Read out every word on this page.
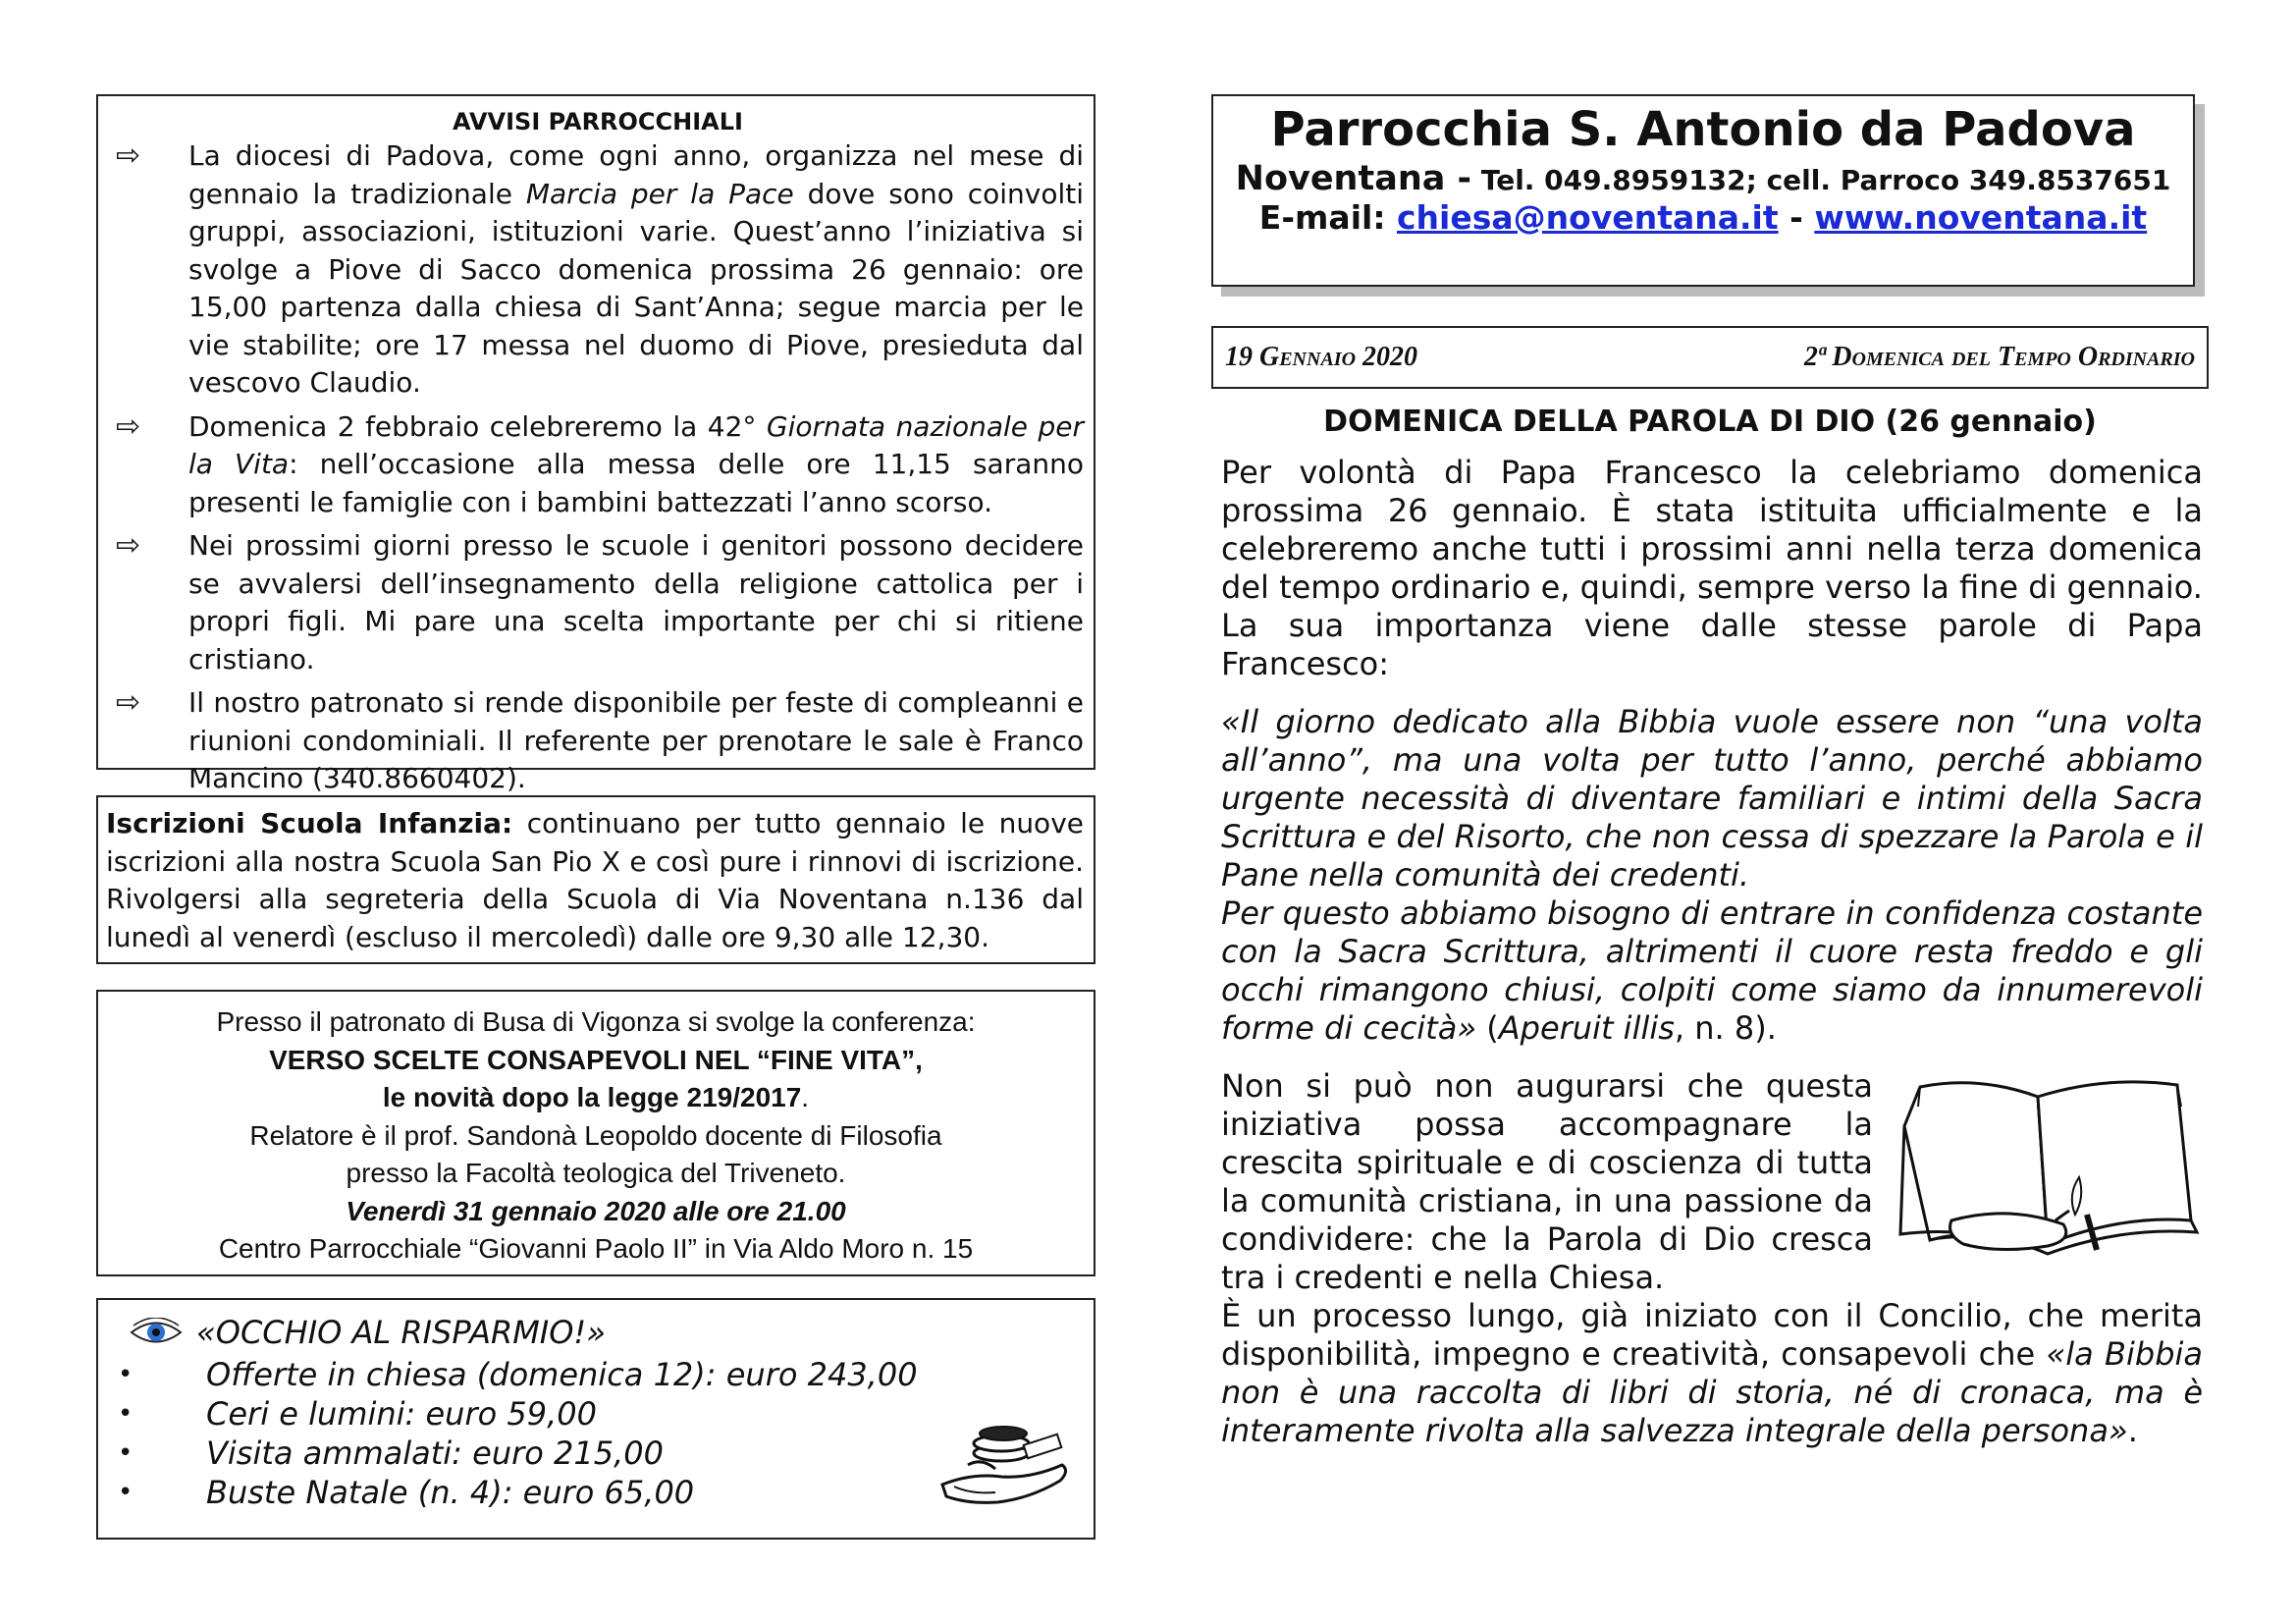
AVVISI PARROCCHIALI
⇨	La diocesi di Padova, come ogni anno, organizza nel mese di gennaio la tradizionale Marcia per la Pace dove sono coinvolti gruppi, associazioni, istituzioni varie. Quest’anno l’iniziativa si svolge a Piove di Sacco domenica prossima 26 gennaio: ore 15,00 partenza dalla chiesa di Sant’Anna; segue marcia per le vie stabilite; ore 17 messa nel duomo di Piove, presieduta dal vescovo Claudio.
⇨	Domenica 2 febbraio celebreremo la 42° Giornata nazionale per la Vita: nell’occasione alla messa delle ore 11,15 saranno presenti le famiglie con i bambini battezzati l’anno scorso.
⇨	Nei prossimi giorni presso le scuole i genitori possono decidere se avvalersi dell’insegnamento della religione cattolica per i propri figli. Mi pare una scelta importante per chi si ritiene cristiano.
⇨	Il nostro patronato si rende disponibile per feste di compleanni e riunioni condominiali. Il referente per prenotare le sale è Franco Mancino (340.8660402).
Iscrizioni Scuola Infanzia: continuano per tutto gennaio le nuove iscrizioni alla nostra Scuola San Pio X e così pure i rinnovi di iscrizione. Rivolgersi alla segreteria della Scuola di Via Noventana n.136 dal lunedì al venerdì (escluso il mercoledì) dalle ore 9,30 alle 12,30.
Presso il patronato di Busa di Vigonza si svolge la conferenza:
VERSO SCELTE CONSAPEVOLI NEL “FINE VITA”,
le novità dopo la legge 219/2017.
Relatore è il prof. Sandonà Leopoldo docente di Filosofia
presso la Facoltà teologica del Triveneto.
Venerdì 31 gennaio 2020 alle ore 21.00
Centro Parrocchiale “Giovanni Paolo II” in Via Aldo Moro n. 15
«OCCHIO AL RISPARMIO!»
•	Offerte in chiesa (domenica 12): euro 243,00
•	Ceri e lumini: euro 59,00
•	Visita ammalati: euro 215,00
•	Buste Natale (n. 4): euro 65,00
Parrocchia S. Antonio da Padova
Noventana - Tel. 049.8959132; cell. Parroco 349.8537651
E-mail: chiesa@noventana.it - www.noventana.it
19 Gennaio 2020	2ª Domenica del Tempo Ordinario
DOMENICA DELLA PAROLA DI DIO (26 gennaio)

Per volontà di Papa Francesco la celebriamo domenica prossima 26 gennaio. È stata istituita ufficialmente e la celebreremo anche tutti i prossimi anni nella terza domenica del tempo ordinario e, quindi, sempre verso la fine di gennaio.

La sua importanza viene dalle stesse parole di Papa Francesco:

«Il giorno dedicato alla Bibbia vuole essere non “una volta all’anno”, ma una volta per tutto l’anno, perché abbiamo urgente necessità di diventare familiari e intimi della Sacra Scrittura e del Risorto, che non cessa di spezzare la Parola e il Pane nella comunità dei credenti.

Per questo abbiamo bisogno di entrare in confidenza costante con la Sacra Scrittura, altrimenti il cuore resta freddo e gli occhi rimangono chiusi, colpiti come siamo da innumerevoli forme di cecità» (Aperuit illis, n. 8).

Non si può non augurarsi che questa iniziativa possa accompagnare la crescita spirituale e di coscienza di tutta la comunità cristiana, in una passione da condividere: che la Parola di Dio cresca tra i credenti e nella Chiesa.

È un processo lungo, già iniziato con il Concilio, che merita disponibilità, impegno e creatività, consapevoli che «la Bibbia non è una raccolta di libri di storia, né di cronaca, ma è interamente rivolta alla salvezza integrale della persona».
